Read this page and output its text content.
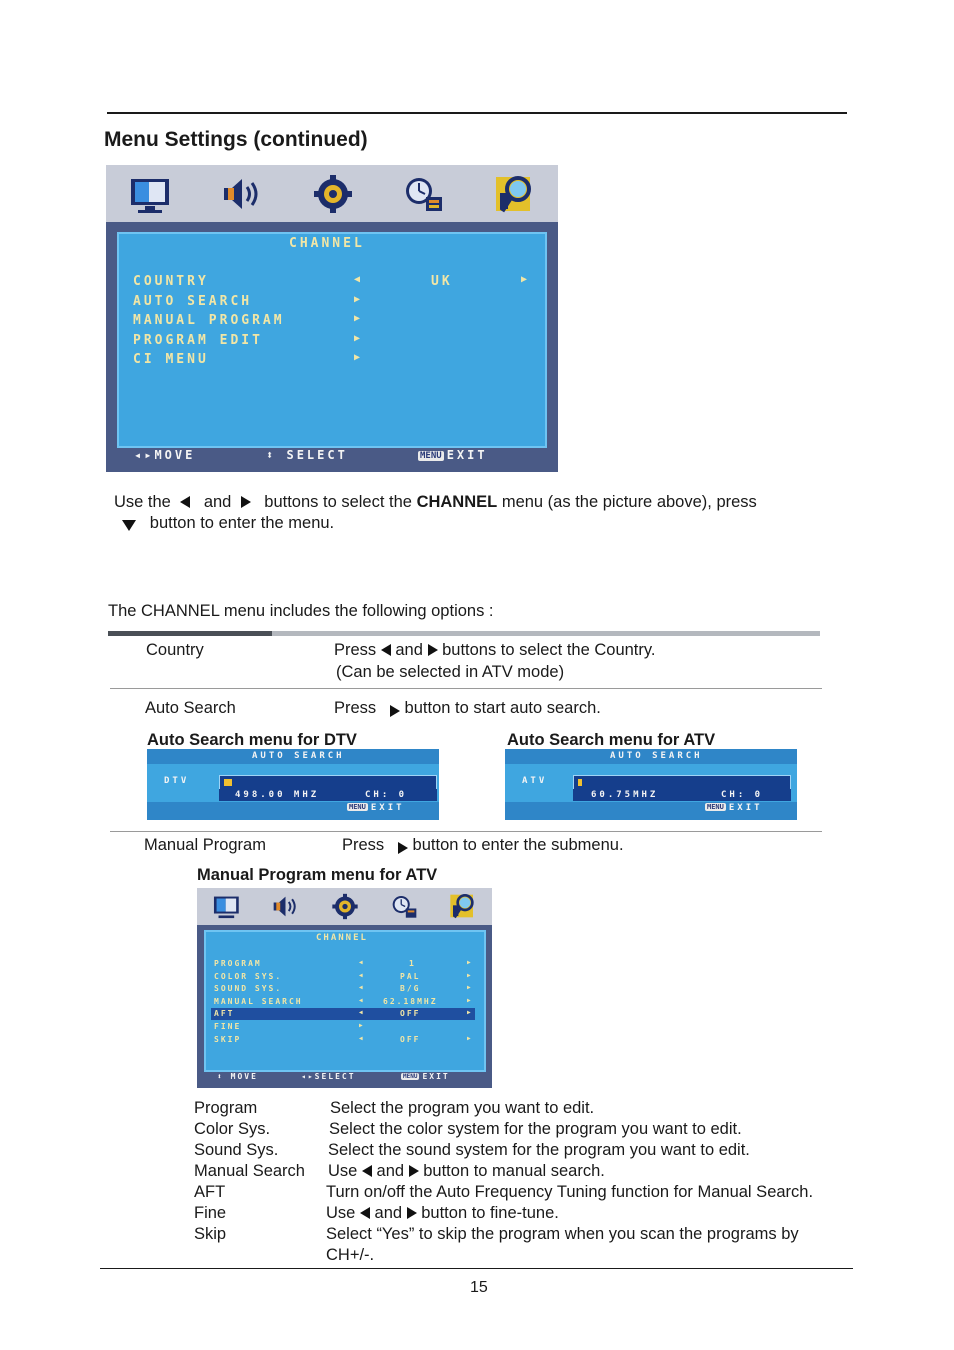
Menu Settings (continued)
CHANNEL
◂▸MOVE	⬍ SELECT	MENU EXIT
COUNTRY	◀	UK	▶
AUTO SEARCH	▶
MANUAL PROGRAM	▶
PROGRAM EDIT	▶
CI MENU	▶
Use the and buttons to select the CHANNEL menu (as the picture above), press
button to enter the menu.
The CHANNEL menu includes the following options :
Country	Press and buttons to select the Country.
(Can be selected in ATV mode)
Auto Search	Press button to start auto search.
Auto Search menu for DTV	Auto Search menu for ATV
AUTO SEARCH
DTV
498.00 MHZ	CH: 0
MENU EXIT
AUTO SEARCH
ATV
60.75MHZ	CH: 0
MENU EXIT
Manual Program	Press button to enter the submenu.
Manual Program menu for ATV
CHANNEL
⬍ MOVE	◂▸SELECT	MENU EXIT
PROGRAM	◀	1	▶
COLOR SYS.	◀	PAL	▶
SOUND SYS.	◀	B/G	▶
MANUAL SEARCH	◀ 62.18MHZ	▶
AFT	◀	OFF	▶
FINE	▶
SKIP	◀	OFF	▶
Program	Select the program you want to edit.
Color Sys.	Select the color system for the program you want to edit.
Sound Sys.	Select the sound system for the program you want to edit.
Manual Search Use and button to manual search.
AFT	Turn on/off the Auto Frequency Tuning function for Manual Search.
Fine	Use and button to fine-tune.
Skip	Select “Yes” to skip the program when you scan the programs by
CH+/-.
15
